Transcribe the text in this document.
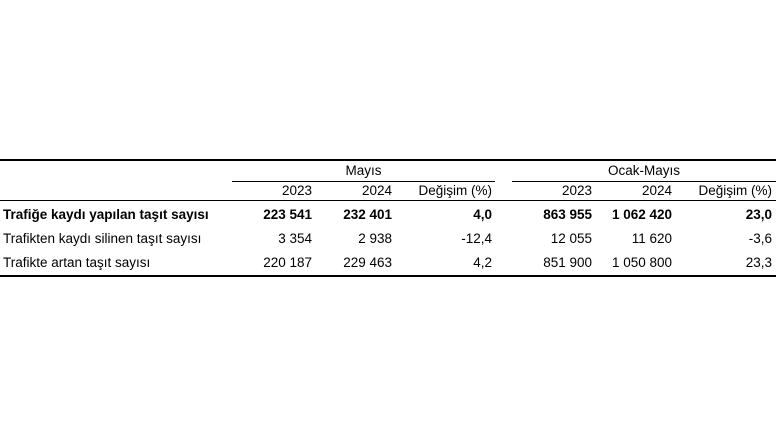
Mayıs	Ocak-Mayıs
2023	2024	Değişim (%)	2023	2024	Değişim (%)
Trafiğe kaydı yapılan taşıt sayısı	223 541	232 401	4,0	863 955	1 062 420	23,0
Trafikten kaydı silinen taşıt sayısı	3 354	2 938	-12,4	12 055	11 620	-3,6
Trafikte artan taşıt sayısı	220 187	229 463	4,2	851 900	1 050 800	23,3
